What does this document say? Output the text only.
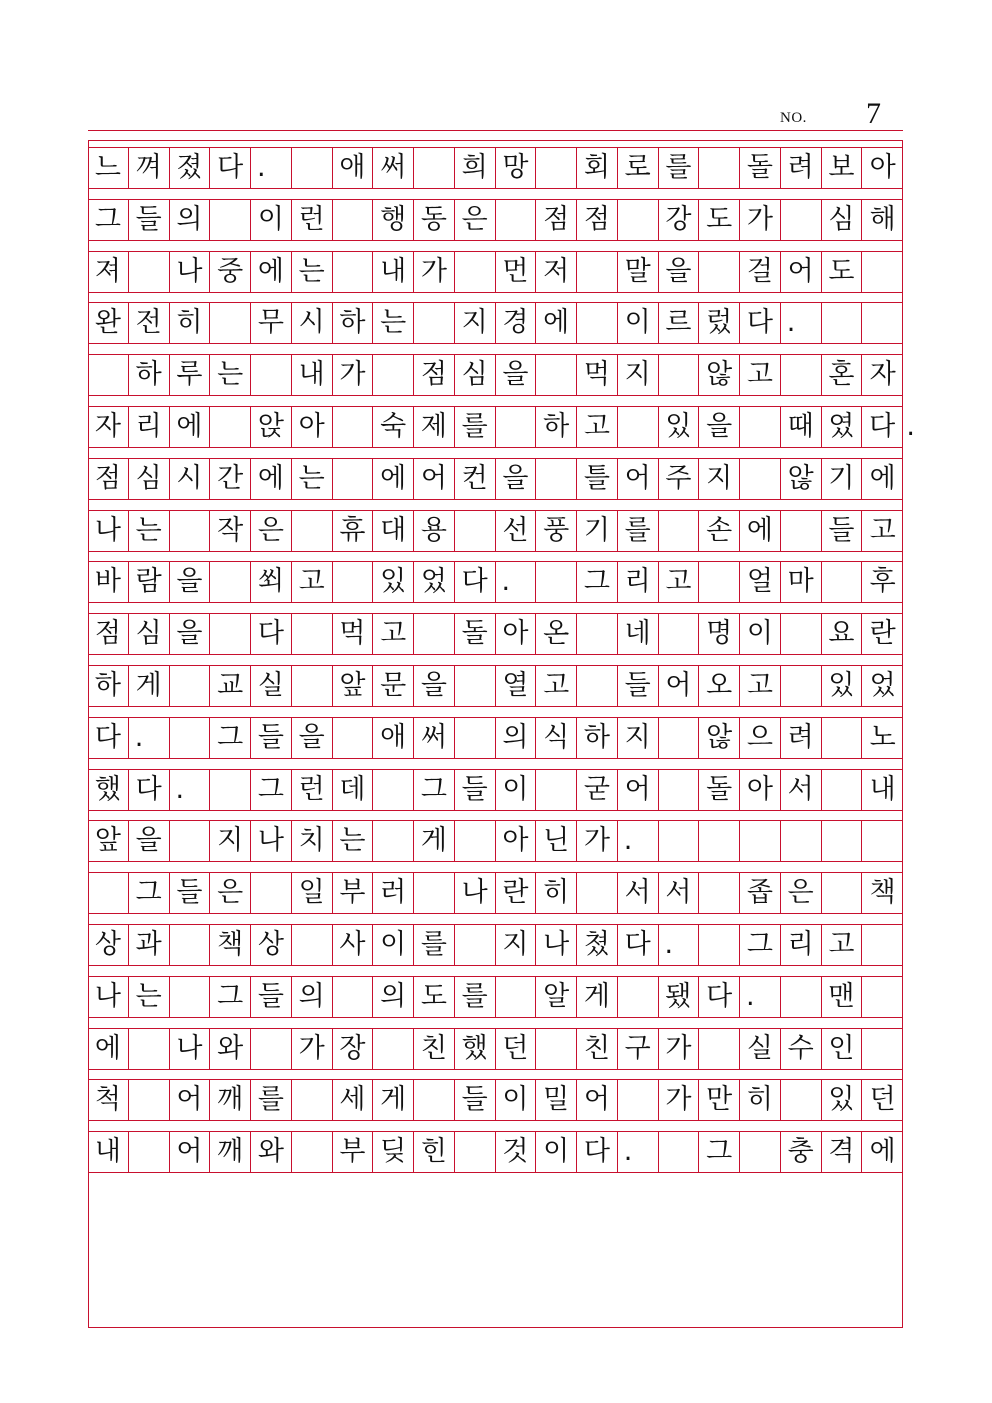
NO. 7
느 껴 졌 다 .	애 써 희 망 회 로 를 돌 려 보 아
그 들 의 이 런 행 동 은 점 점 강 도 가 심 해
져 나 중 에 는 내 가 먼 저 말 을 걸 어 도
완 전 히 무 시 하 는 지 경 에 이 르 렀 다 .
하 루 는 내 가 점 심 을 먹 지 않 고 혼 자
자 리 에 앉 아 숙 제 를 하 고 있 을 때 였 다 .
점 심 시 간 에 는 에 어 컨 을 틀 어 주 지 않 기 에
나 는 작 은 휴 대 용 선 풍 기 를 손 에 들 고
바 람 을 쐬 고 있 었 다 .	그 리 고 얼 마 후
점 심 을 다 먹 고 돌 아 온 네 명 이 요 란
하 게 교 실 앞 문 을 열 고 들 어 오 고 있 었
다 .	그 들 을 애 써 의 식 하 지 않 으 려 노
했 다 .	그 런 데 그 들 이 굳 어 돌 아 서 내
앞 을 지 나 치 는 게 아 닌 가 .
그 들 은 일 부 러 나 란 히 서 서 좁 은 책
상 과 책 상 사 이 를 지 나 쳤 다 .	그 리 고
나 는 그 들 의 의 도 를 알 게 됐 다 .	맨
에 나 와 가 장 친 했 던 친 구 가 실 수 인
척 어 깨 를 세 게 들 이 밀 어 가 만 히 있 던
내 어 깨 와 부 딪 힌 것 이 다 .	그 충 격 에
